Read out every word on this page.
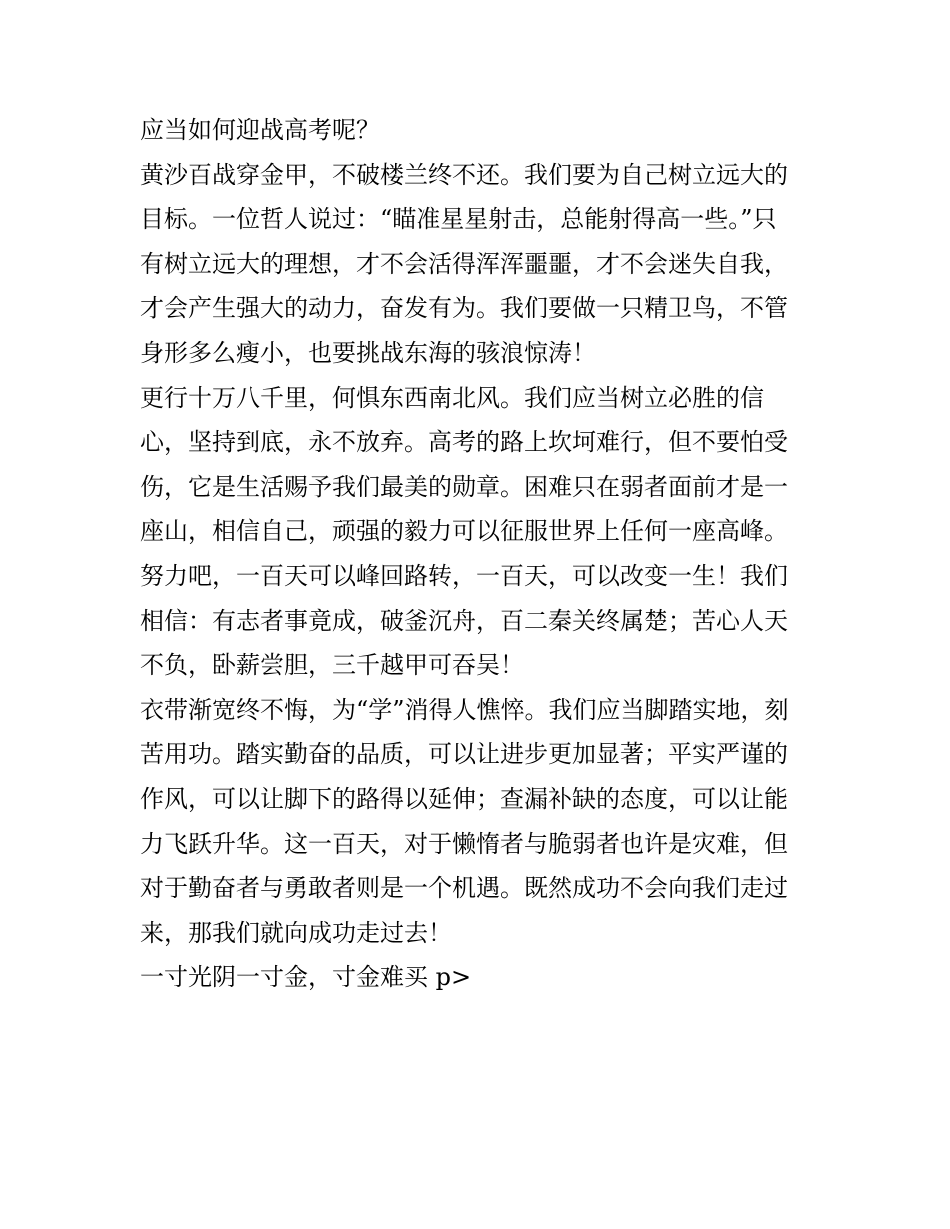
应当如何迎战高考呢？
黄沙百战穿金甲，不破楼兰终不还。我们要为自己树立远大的
目标。一位哲人说过：“瞄准星星射击，总能射得高一些。”只
有树立远大的理想，才不会活得浑浑噩噩，才不会迷失自我，
才会产生强大的动力，奋发有为。我们要做一只精卫鸟，不管
身形多么瘦小，也要挑战东海的骇浪惊涛！
更行十万八千里，何惧东西南北风。我们应当树立必胜的信
心，坚持到底，永不放弃。高考的路上坎坷难行，但不要怕受
伤，它是生活赐予我们最美的勋章。困难只在弱者面前才是一
座山，相信自己，顽强的毅力可以征服世界上任何一座高峰。
努力吧，一百天可以峰回路转，一百天，可以改变一生！我们
相信：有志者事竟成，破釜沉舟，百二秦关终属楚；苦心人天
不负，卧薪尝胆，三千越甲可吞吴！
衣带渐宽终不悔，为“学”消得人憔悴。我们应当脚踏实地，刻
苦用功。踏实勤奋的品质，可以让进步更加显著；平实严谨的
作风，可以让脚下的路得以延伸；查漏补缺的态度，可以让能
力飞跃升华。这一百天，对于懒惰者与脆弱者也许是灾难，但
对于勤奋者与勇敢者则是一个机遇。既然成功不会向我们走过
来，那我们就向成功走过去！
一寸光阴一寸金，寸金难买 p>
